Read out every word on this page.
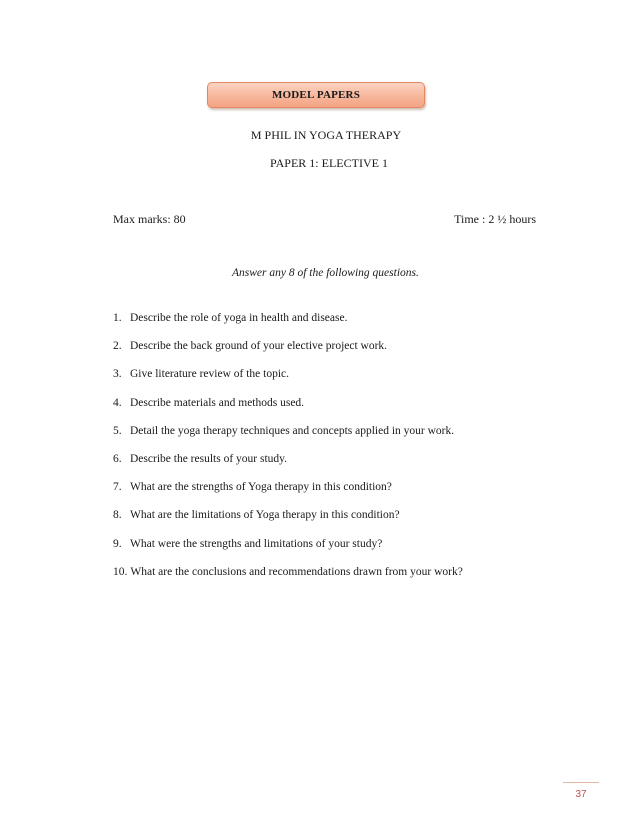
MODEL PAPERS
M PHIL IN YOGA THERAPY
PAPER 1: ELECTIVE 1
Max marks: 80	Time : 2 ½ hours
Answer any 8 of the following questions.
1. Describe the role of yoga in health and disease.
2. Describe the back ground of your elective project work.
3. Give literature review of the topic.
4. Describe materials and methods used.
5. Detail the yoga therapy techniques and concepts applied in your work.
6. Describe the results of your study.
7. What are the strengths of Yoga therapy in this condition?
8. What are the limitations of Yoga therapy in this condition?
9. What were the strengths and limitations of your study?
10. What are the conclusions and recommendations drawn from your work?
37
